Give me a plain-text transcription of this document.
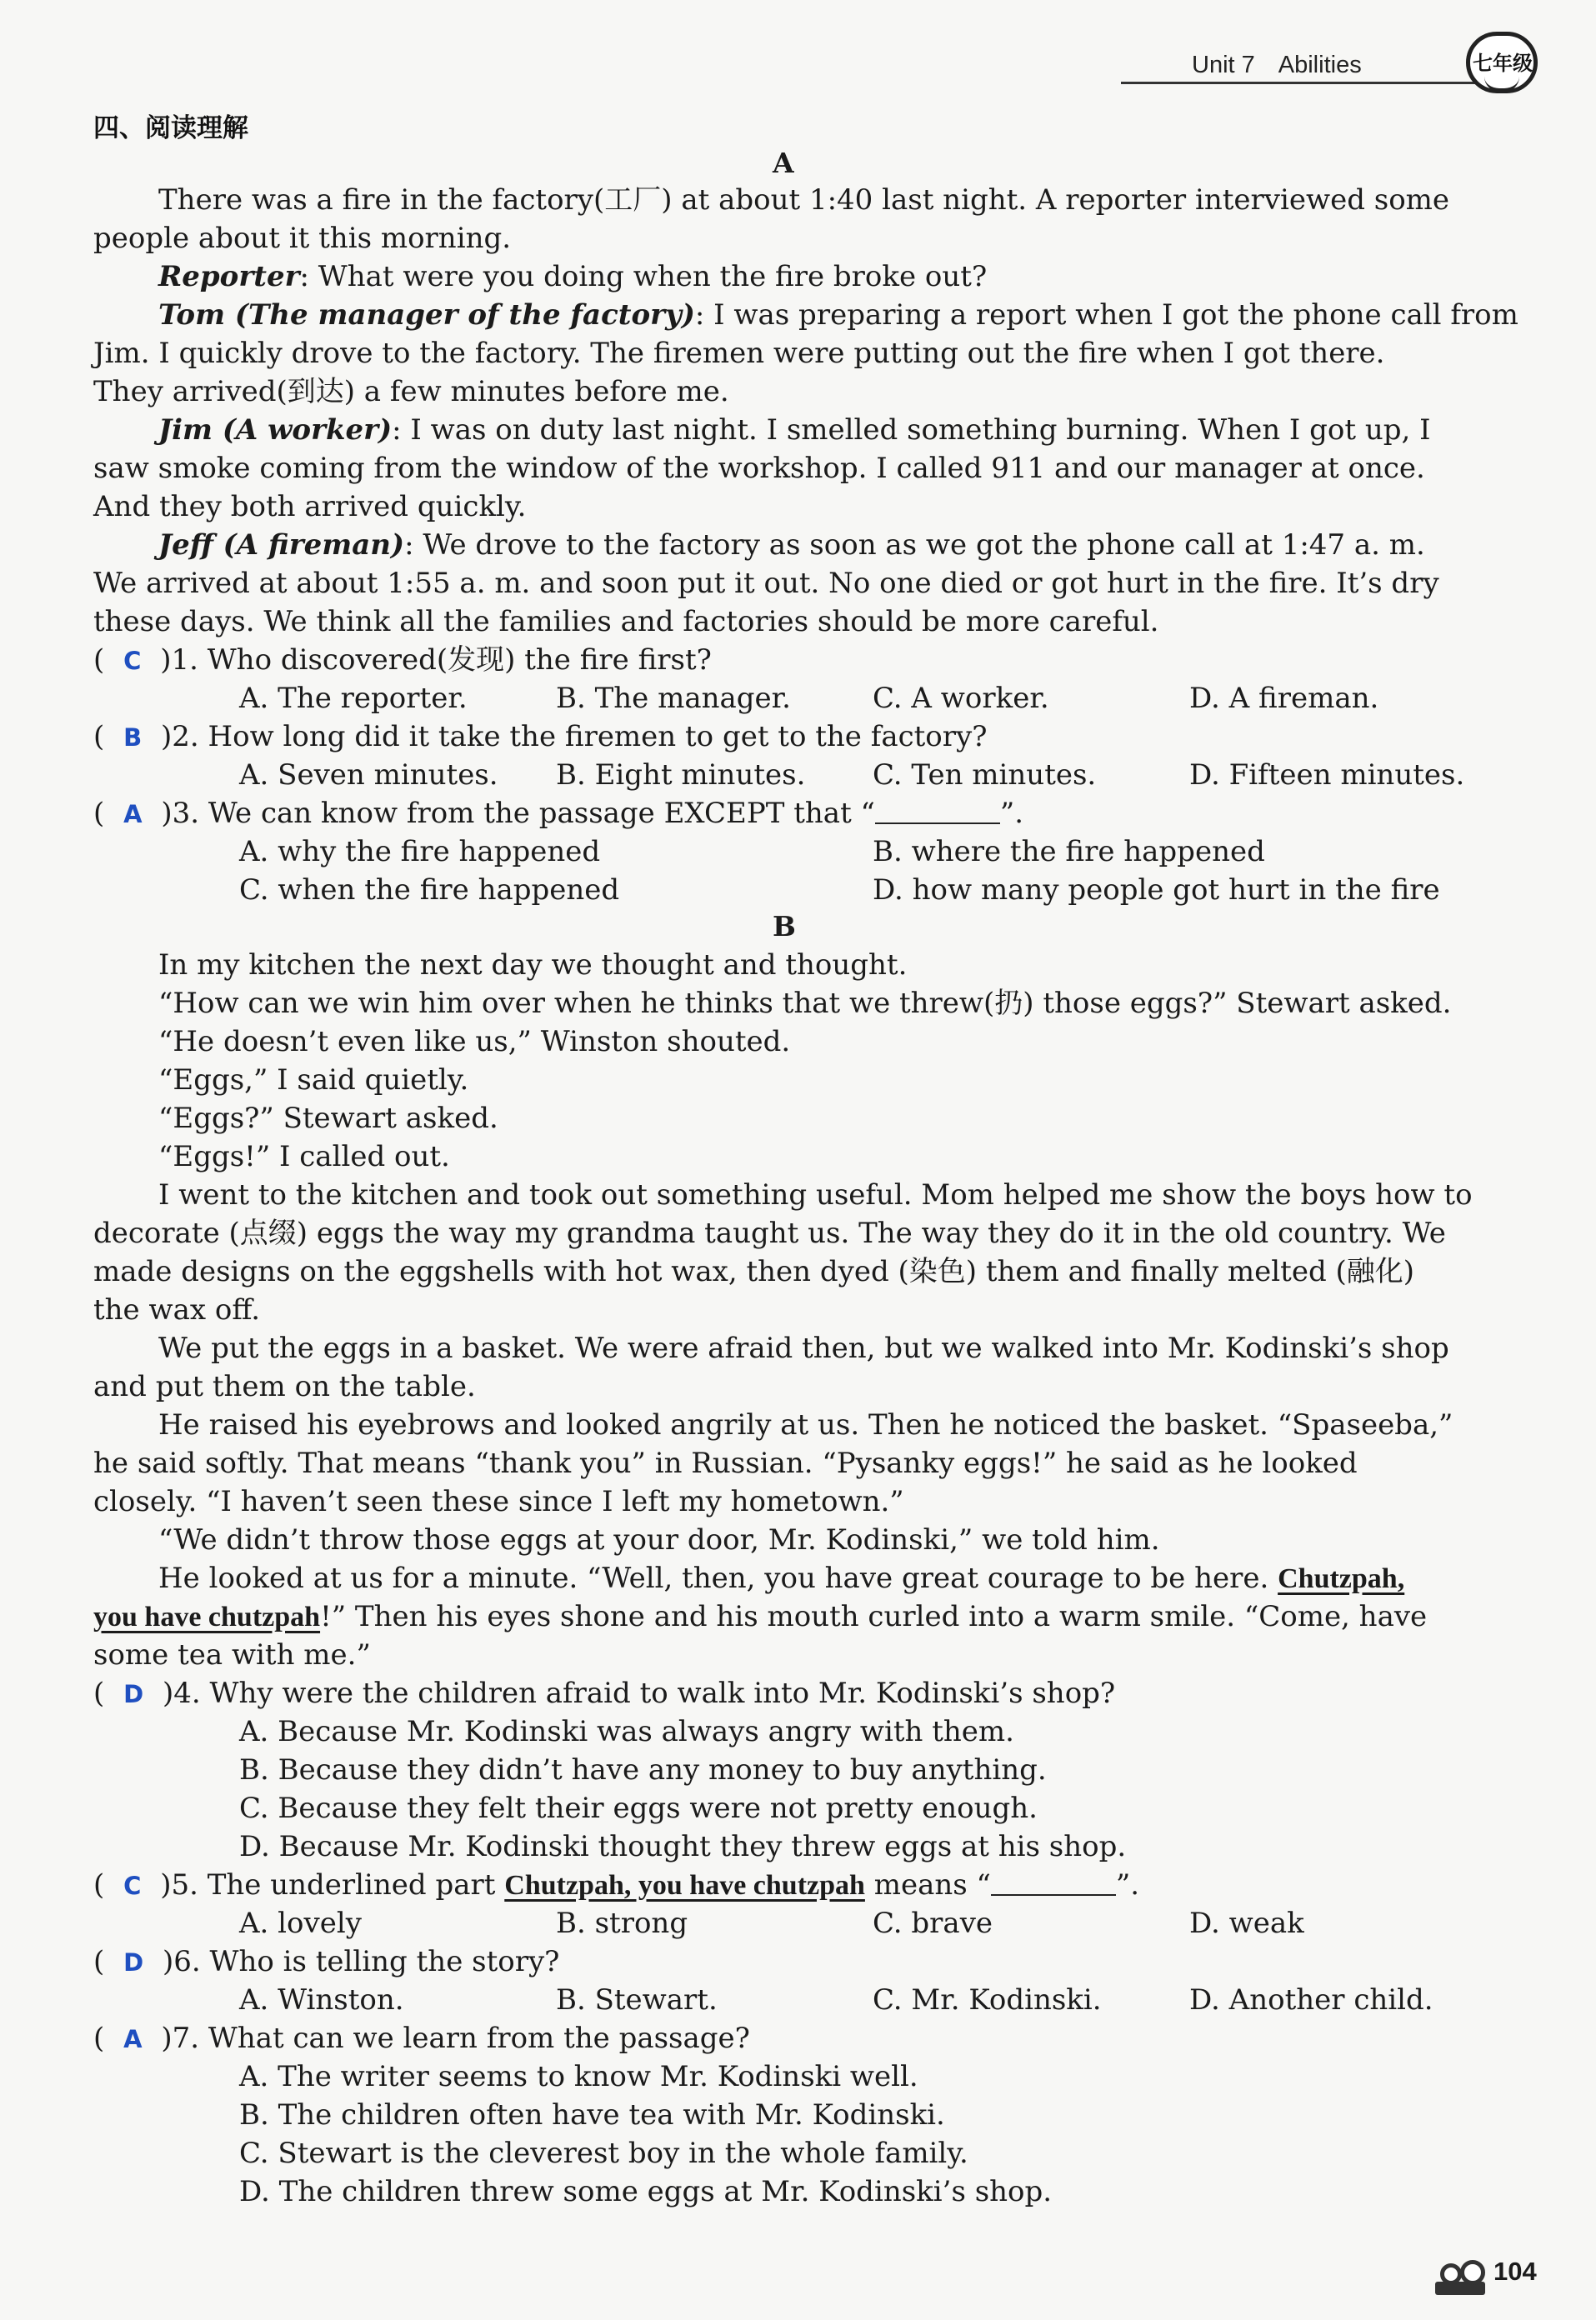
Unit 7 Abilities	七年级
四、阅读理解
A
There was a fire in the factory(工厂) at about 1:40 last night. A reporter interviewed some
people about it this morning.
Reporter: What were you doing when the fire broke out?
Tom (The manager of the factory): I was preparing a report when I got the phone call from
Jim. I quickly drove to the factory. The firemen were putting out the fire when I got there.
They arrived(到达) a few minutes before me.
Jim (A worker): I was on duty last night. I smelled something burning. When I got up, I
saw smoke coming from the window of the workshop. I called 911 and our manager at once.
And they both arrived quickly.
Jeff (A fireman): We drove to the factory as soon as we got the phone call at 1:47 a. m.
We arrived at about 1:55 a. m. and soon put it out. No one died or got hurt in the fire. It’s dry
these days. We think all the families and factories should be more careful.
( C )1. Who discovered(发现) the fire first?
A. The reporter.	B. The manager.	C. A worker.	D. A fireman.
( B )2. How long did it take the firemen to get to the factory?
A. Seven minutes. B. Eight minutes. C. Ten minutes.	D. Fifteen minutes.
( A )3. We can know from the passage EXCEPT that “	”.
A. why the fire happened	B. where the fire happened
C. when the fire happened	D. how many people got hurt in the fire
B
In my kitchen the next day we thought and thought.
“How can we win him over when he thinks that we threw(扔) those eggs?” Stewart asked.
“He doesn’t even like us,” Winston shouted.
“Eggs,” I said quietly.
“Eggs?” Stewart asked.
“Eggs!” I called out.
I went to the kitchen and took out something useful. Mom helped me show the boys how to
decorate (点缀) eggs the way my grandma taught us. The way they do it in the old country. We
made designs on the eggshells with hot wax, then dyed (染色) them and finally melted (融化)
the wax off.
We put the eggs in a basket. We were afraid then, but we walked into Mr. Kodinski’s shop
and put them on the table.
He raised his eyebrows and looked angrily at us. Then he noticed the basket. “Spaseeba,”
he said softly. That means “thank you” in Russian. “Pysanky eggs!” he said as he looked
closely. “I haven’t seen these since I left my hometown.”
“We didn’t throw those eggs at your door, Mr. Kodinski,” we told him.
He looked at us for a minute. “Well, then, you have great courage to be here. Chutzpah,
you have chutzpah!” Then his eyes shone and his mouth curled into a warm smile. “Come, have
some tea with me.”
( D )4. Why were the children afraid to walk into Mr. Kodinski’s shop?
A. Because Mr. Kodinski was always angry with them.
B. Because they didn’t have any money to buy anything.
C. Because they felt their eggs were not pretty enough.
D. Because Mr. Kodinski thought they threw eggs at his shop.
( C )5. The underlined part Chutzpah, you have chutzpah means “	”.
A. lovely	B. strong	C. brave	D. weak
( D )6. Who is telling the story?
A. Winston.	B. Stewart.	C. Mr. Kodinski.	D. Another child.
( A )7. What can we learn from the passage?
A. The writer seems to know Mr. Kodinski well.
B. The children often have tea with Mr. Kodinski.
C. Stewart is the cleverest boy in the whole family.
D. The children threw some eggs at Mr. Kodinski’s shop.
104
